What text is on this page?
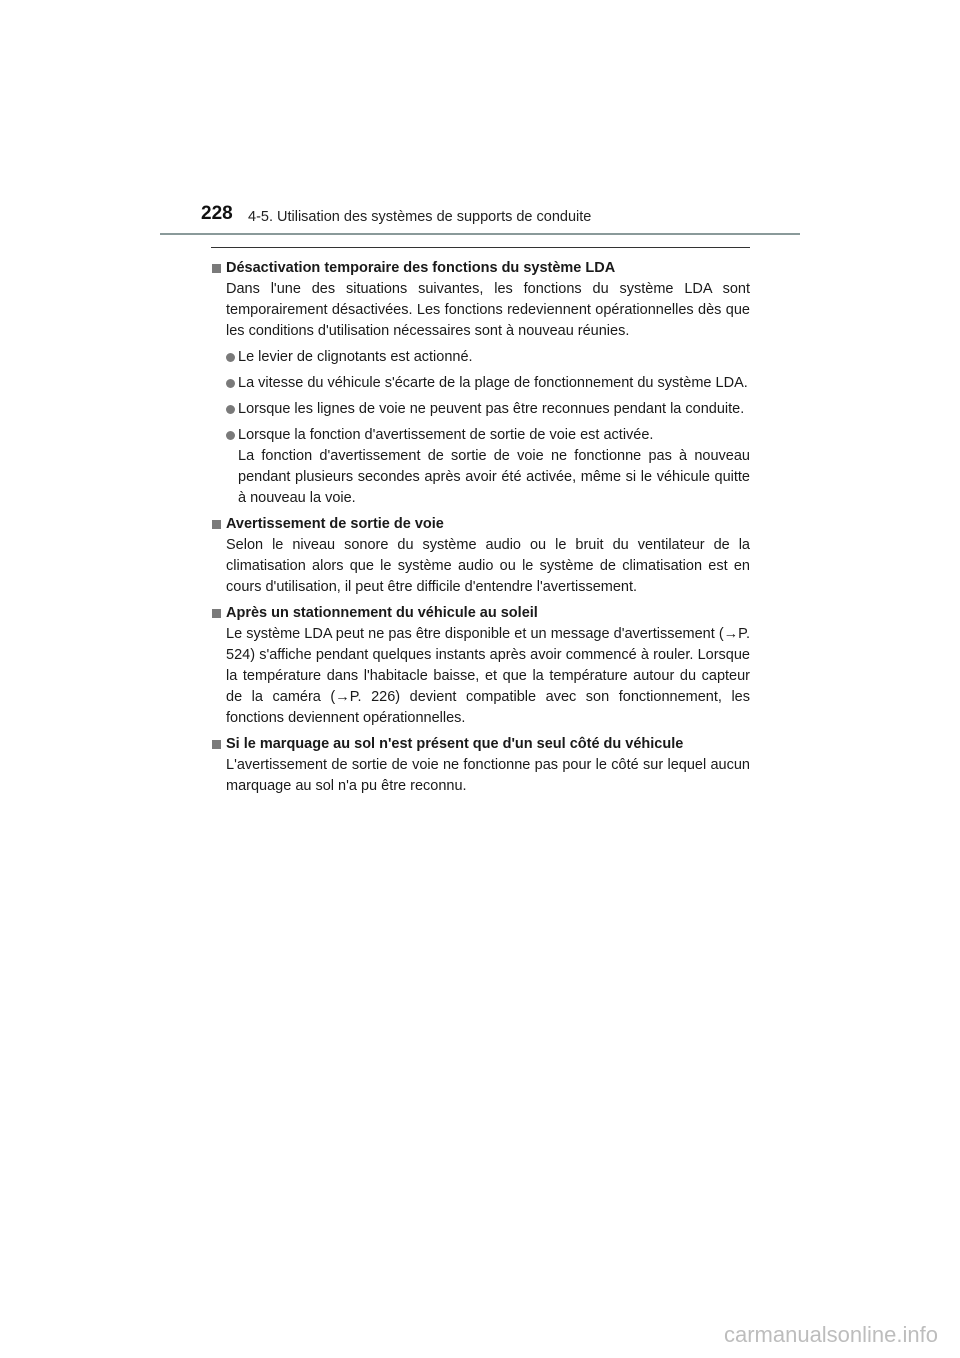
228 4-5. Utilisation des systèmes de supports de conduite
Désactivation temporaire des fonctions du système LDA
Dans l'une des situations suivantes, les fonctions du système LDA sont temporairement désactivées. Les fonctions redeviennent opérationnelles dès que les conditions d'utilisation nécessaires sont à nouveau réunies.
Le levier de clignotants est actionné.
La vitesse du véhicule s'écarte de la plage de fonctionnement du système LDA.
Lorsque les lignes de voie ne peuvent pas être reconnues pendant la conduite.
Lorsque la fonction d'avertissement de sortie de voie est activée.
La fonction d'avertissement de sortie de voie ne fonctionne pas à nouveau pendant plusieurs secondes après avoir été activée, même si le véhicule quitte à nouveau la voie.
Avertissement de sortie de voie
Selon le niveau sonore du système audio ou le bruit du ventilateur de la climatisation alors que le système audio ou le système de climatisation est en cours d'utilisation, il peut être difficile d'entendre l'avertissement.
Après un stationnement du véhicule au soleil
Le système LDA peut ne pas être disponible et un message d'avertissement (→P. 524) s'affiche pendant quelques instants après avoir commencé à rouler. Lorsque la température dans l'habitacle baisse, et que la température autour du capteur de la caméra (→P. 226) devient compatible avec son fonctionnement, les fonctions deviennent opérationnelles.
Si le marquage au sol n'est présent que d'un seul côté du véhicule
L'avertissement de sortie de voie ne fonctionne pas pour le côté sur lequel aucun marquage au sol n'a pu être reconnu.
carmanualsonline.info
